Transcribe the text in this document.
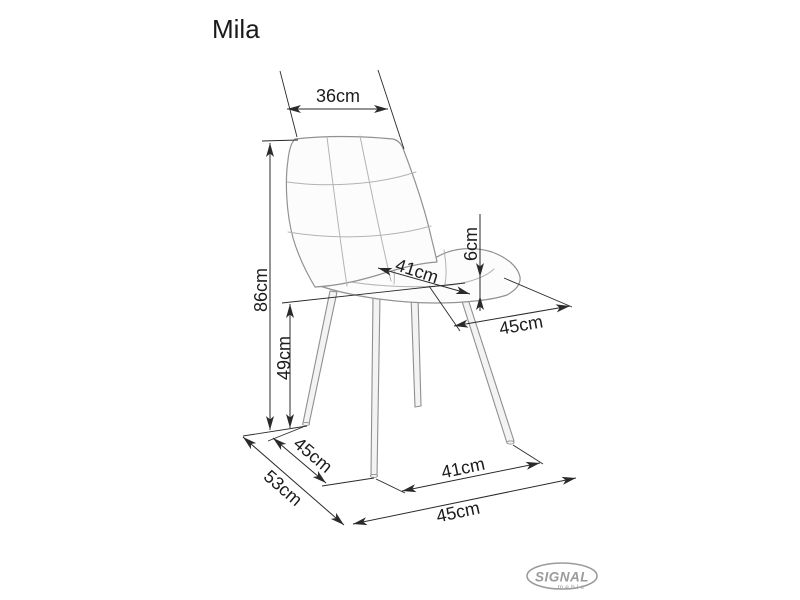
Mila
36cm
86cm
49cm
6cm
41cm
45cm
45cm
53cm	41cm
45cm
SIGNAL
meble
